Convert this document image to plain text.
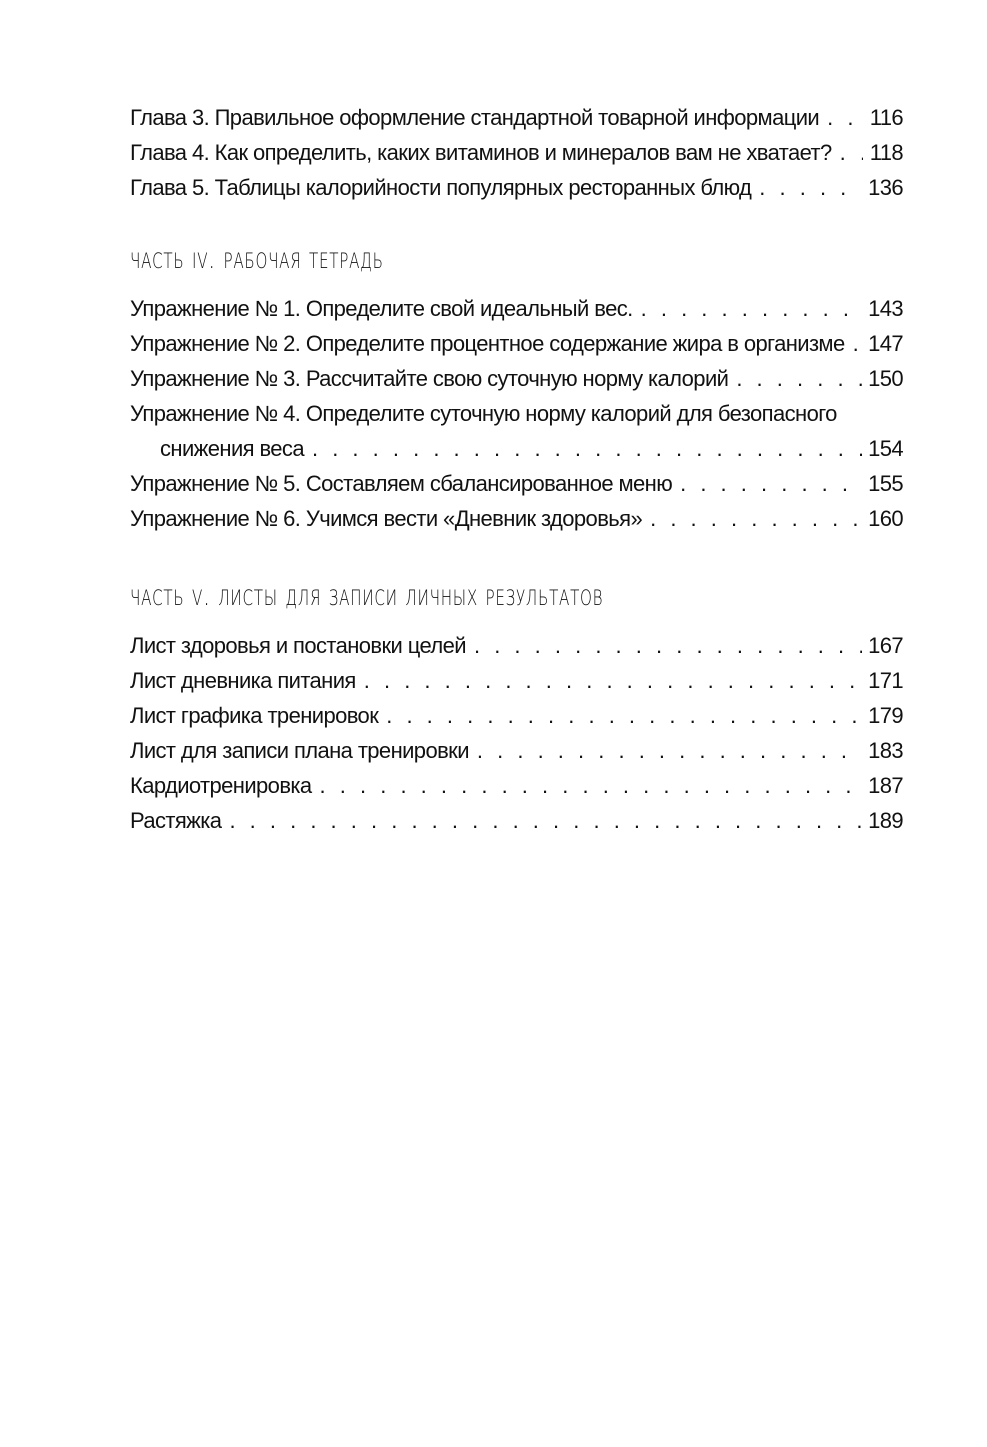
Глава 3. Правильное оформление стандартной товарной информации . . . 116
Глава 4. Как определить, каких витаминов и минералов вам не хватает? . . . 118
Глава 5. Таблицы калорийности популярных ресторанных блюд . . .	136
часть iv. рабочая тетрадь
Упражнение № 1. Определите свой идеальный вес. . . .	143
Упражнение № 2. Определите процентное содержание жира в организме . . . 147
Упражнение № 3. Рассчитайте свою суточную норму калорий . . .	150
Упражнение № 4. Определите суточную норму калорий для безопасного
снижения веса . . .	154
Упражнение № 5. Составляем сбалансированное меню . . .	155
Упражнение № 6. Учимся вести «Дневник здоровья» . . .	160
часть v. листы для записи личных результатов
Лист здоровья и постановки целей . . .	167
Лист дневника питания . . .	171
Лист графика тренировок . . .	179
Лист для записи плана тренировки . . .	183
Кардиотренировка . . .	187
Растяжка . . .	189
